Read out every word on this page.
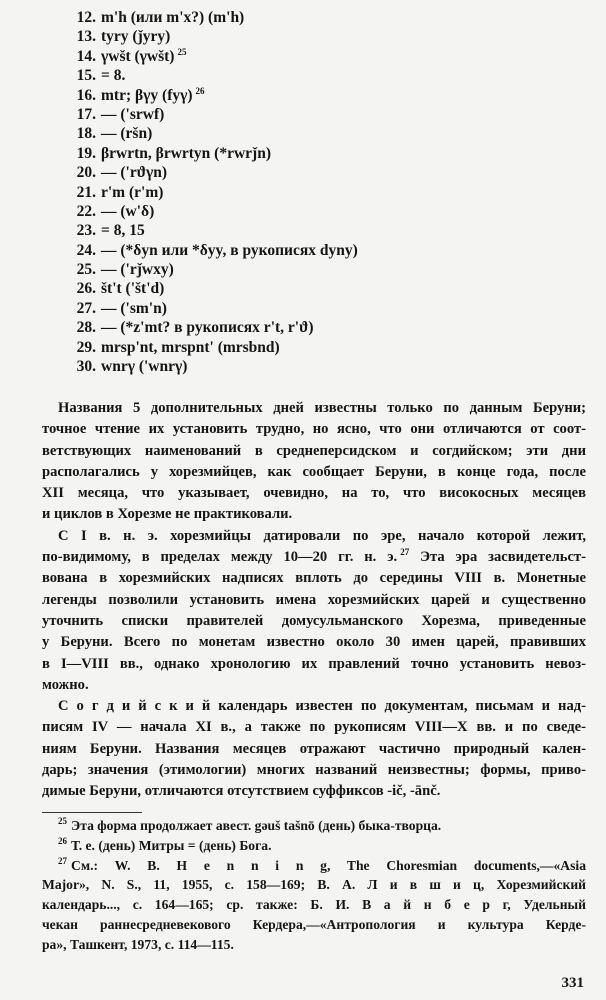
12. m'h (или m'x?) (m'h)
13. tyry (ǰyry)
14. γwšt (γwšt) $^{25}$
15. = 8.
16. mtr; βγy (fyγ) $^{26}$
17. — ('srwf)
18. — (ršn)
19. βrwrtn, βrwrtyn (*rwrǰn)
20. — ('rϑγn)
21. r'm (r'm)
22. — (w'δ)
23. = 8, 15
24. — (*δyn или *δyy, в рукописях dyny)
25. — ('rǰwxy)
26. št't ('št'd)
27. — ('sm'n)
28. — (*z'mt? в рукописях r't, r'ϑ)
29. mrsp'nt, mrspnt' (mrsbnd)
30. wnrγ ('wnrγ)
Названия 5 дополнительных дней известны только по данным Беруни;
точное чтение их установить трудно, но ясно, что они отличаются от соот-
ветствующих наименований в среднеперсидском и согдийском; эти дни
располагались у хорезмийцев, как сообщает Беруни, в конце года, после
XII месяца, что указывает, очевидно, на то, что високосных месяцев
и циклов в Хорезме не практиковали.
С I в. н. э. хорезмийцы датировали по эре, начало которой лежит,
по-видимому, в пределах между 10—20 гг. н. э. $^{27}$ Эта эра засвидетельст-
вована в хорезмийских надписях вплоть до середины VIII в. Монетные
легенды позволили установить имена хорезмийских царей и существенно
уточнить списки правителей домусульманского Хорезма, приведенные
у Беруни. Всего по монетам известно около 30 имен царей, правивших
в I—VIII вв., однако хронологию их правлений точно установить невоз-
можно.
С о г д и й с к и й календарь известен по документам, письмам и над-
писям IV — начала XI в., а также по рукописям VIII—X вв. и по сведе-
ниям Беруни. Названия месяцев отражают частично природный кален-
дарь; значения (этимологии) многих названий неизвестны; формы, приво-
димые Беруни, отличаются отсутствием суффиксов -ič, -ānč.
$^{25}$ Эта форма продолжает авест. gǝuš tašnō (день) быка-творца.
$^{26}$ Т. е. (день) Митры = (день) Бога.
$^{27}$ См.: W. B. H e n n i n g, The Choresmian documents,—«Asia
Major», N. S., 11, 1955, с. 158—169; В. А. Л и в ш и ц, Хорезмийский
календарь..., с. 164—165; ср. также: Б. И. В а й н б е р г, Удельный
чекан раннесредневекового Кердера,—«Антропология и культура Керде-
ра», Ташкент, 1973, с. 114—115.
331
